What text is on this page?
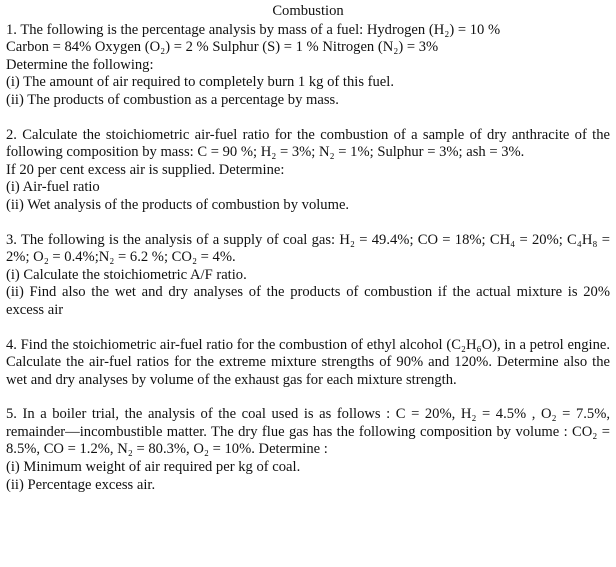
Combustion
1. The following is the percentage analysis by mass of a fuel: Hydrogen (H₂) = 10 %
Carbon = 84% Oxygen (O₂) = 2 % Sulphur (S) = 1 % Nitrogen (N₂) = 3%
Determine the following:
(i) The amount of air required to completely burn 1 kg of this fuel.
(ii) The products of combustion as a percentage by mass.
2. Calculate the stoichiometric air-fuel ratio for the combustion of a sample of dry anthracite of the following composition by mass: C = 90 %; H₂ = 3%; N₂ = 1%; Sulphur = 3%; ash = 3%.
If 20 per cent excess air is supplied. Determine:
(i) Air-fuel ratio
(ii) Wet analysis of the products of combustion by volume.
3. The following is the analysis of a supply of coal gas: H₂ = 49.4%; CO = 18%; CH₄ = 20%; C₄H₈ = 2%; O₂ = 0.4%;N₂ = 6.2 %; CO₂ = 4%.
(i) Calculate the stoichiometric A/F ratio.
(ii) Find also the wet and dry analyses of the products of combustion if the actual mixture is 20% excess air
4. Find the stoichiometric air-fuel ratio for the combustion of ethyl alcohol (C₂H₆O), in a petrol engine. Calculate the air-fuel ratios for the extreme mixture strengths of 90% and 120%. Determine also the wet and dry analyses by volume of the exhaust gas for each mixture strength.
5. In a boiler trial, the analysis of the coal used is as follows : C = 20%, H₂ = 4.5% , O₂ = 7.5%, remainder—incombustible matter. The dry flue gas has the following composition by volume : CO₂ = 8.5%, CO = 1.2%, N₂ = 80.3%, O₂ = 10%. Determine :
(i) Minimum weight of air required per kg of coal.
(ii) Percentage excess air.
